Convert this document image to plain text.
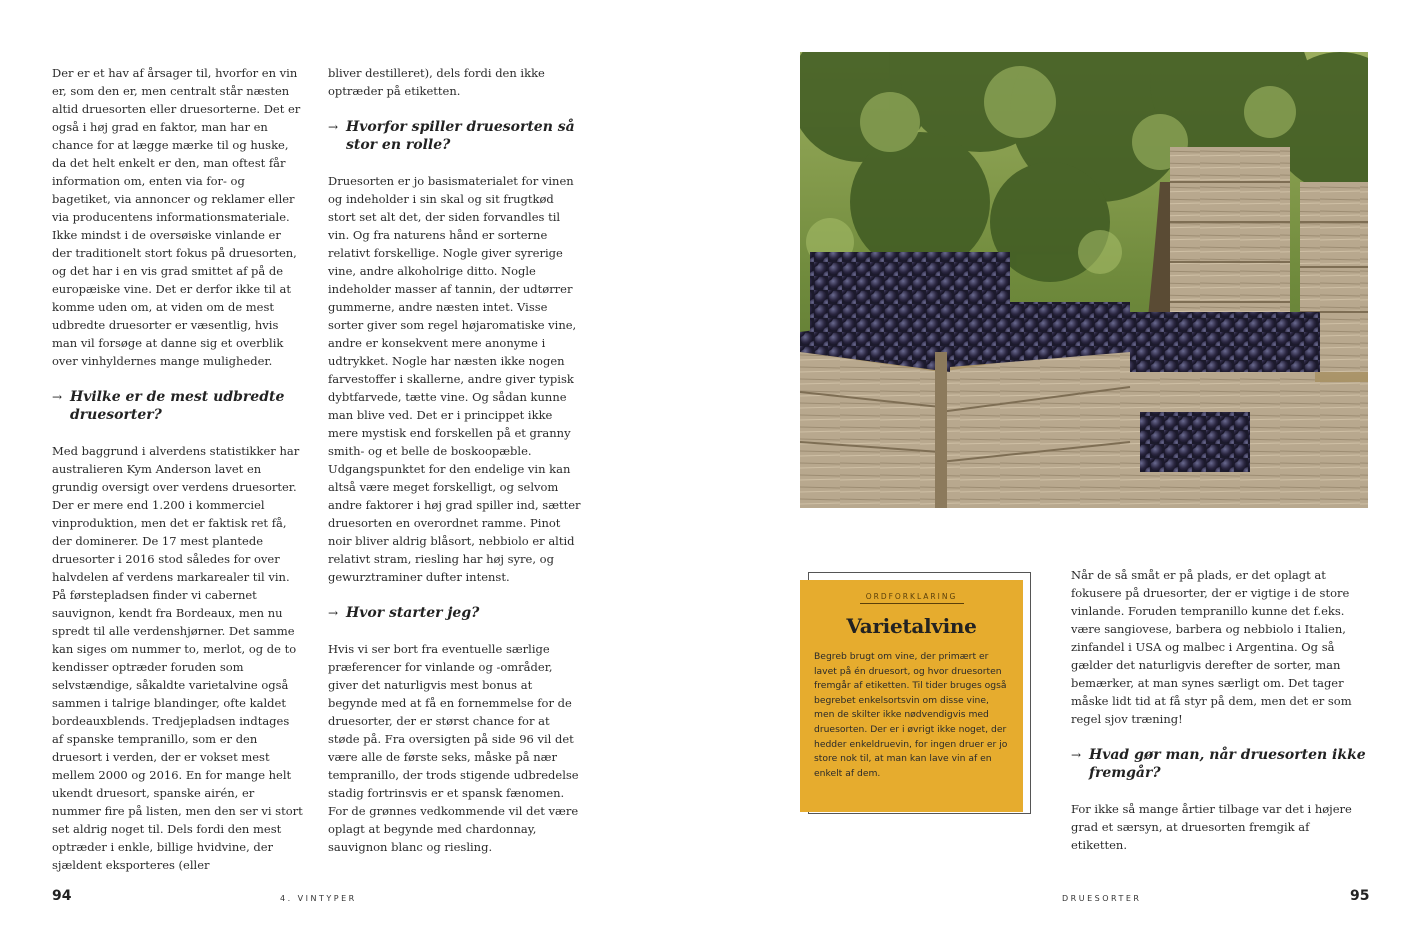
Der er et hav af årsager til, hvorfor en vin er, som den er, men centralt står næsten altid druesorten eller druesorterne. Det er også i høj grad en faktor, man har en chance for at lægge mærke til og huske, da det helt enkelt er den, man oftest får information om, enten via for- og bagetiket, via annoncer og reklamer eller via producentens informationsmateriale. Ikke mindst i de oversøiske vinlande er der traditionelt stort fokus på druesorten, og det har i en vis grad smittet af på de europæiske vine. Det er derfor ikke til at komme uden om, at viden om de mest udbredte druesorter er væsentlig, hvis man vil forsøge at danne sig et overblik over vinhyldernes mange muligheder.

→ Hvilke er de mest udbredte druesorter?

Med baggrund i alverdens statistikker har australieren Kym Anderson lavet en grundig oversigt over verdens druesorter. Der er mere end 1.200 i kommerciel vinproduktion, men det er faktisk ret få, der dominerer. De 17 mest plantede druesorter i 2016 stod således for over halvdelen af verdens markarealer til vin. På førstepladsen finder vi cabernet sauvignon, kendt fra Bordeaux, men nu spredt til alle verdenshjørner. Det samme kan siges om nummer to, merlot, og de to kendisser optræder foruden som selvstændige, såkaldte varietalvine også sammen i talrige blandinger, ofte kaldet bordeauxblends. Tredjepladsen indtages af spanske tempranillo, som er den druesort i verden, der er vokset mest mellem 2000 og 2016. En for mange helt ukendt druesort, spanske airén, er nummer fire på listen, men den ser vi stort set aldrig noget til. Dels fordi den mest optræder i enkle, billige hvidvine, der sjældent eksporteres (eller

bliver destilleret), dels fordi den ikke optræder på etiketten.

→ Hvorfor spiller druesorten så stor en rolle?

Druesorten er jo basismaterialet for vinen og indeholder i sin skal og sit frugtkød stort set alt det, der siden forvandles til vin. Og fra naturens hånd er sorterne relativt forskellige. Nogle giver syrerige vine, andre alkoholrige ditto. Nogle indeholder masser af tannin, der udtørrer gummerne, andre næsten intet. Visse sorter giver som regel højaromatiske vine, andre er konsekvent mere anonyme i udtrykket. Nogle har næsten ikke nogen farvestoffer i skallerne, andre giver typisk dybtfarvede, tætte vine. Og sådan kunne man blive ved. Det er i princippet ikke mere mystisk end forskellen på et granny smith- og et belle de boskoopæble. Udgangspunktet for den endelige vin kan altså være meget forskelligt, og selvom andre faktorer i høj grad spiller ind, sætter druesorten en overordnet ramme. Pinot noir bliver aldrig blåsort, nebbiolo er altid relativt stram, riesling har høj syre, og gewurztraminer dufter intenst.

→ Hvor starter jeg?

Hvis vi ser bort fra eventuelle særlige præferencer for vinlande og -områder, giver det naturligvis mest bonus at begynde med at få en fornemmelse for de druesorter, der er størst chance for at støde på. Fra oversigten på side 96 vil det være alle de første seks, måske på nær tempranillo, der trods stigende udbredelse stadig fortrinsvis er et spansk fænomen. For de grønnes vedkommende vil det være oplagt at begynde med chardonnay, sauvignon blanc og riesling.

ORDFORKLARING
Varietalvine
Begreb brugt om vine, der primært er lavet på én druesort, og hvor druesorten fremgår af etiketten. Til tider bruges også begrebet enkelsortsvin om disse vine, men de skilter ikke nødvendigvis med druesorten. Der er i øvrigt ikke noget, der hedder enkeldruevin, for ingen druer er jo store nok til, at man kan lave vin af en enkelt af dem.

Når de så småt er på plads, er det oplagt at fokusere på druesorter, der er vigtige i de store vinlande. Foruden tempranillo kunne det f.eks. være sangiovese, barbera og nebbiolo i Italien, zinfandel i USA og malbec i Argentina. Og så gælder det naturligvis derefter de sorter, man bemærker, at man synes særligt om. Det tager måske lidt tid at få styr på dem, men det er som regel sjov træning!

→ Hvad gør man, når druesorten ikke fremgår?

For ikke så mange årtier tilbage var det i højere grad et særsyn, at druesorten fremgik af etiketten.

94	4. VINTYPER	DRUESORTER	95
